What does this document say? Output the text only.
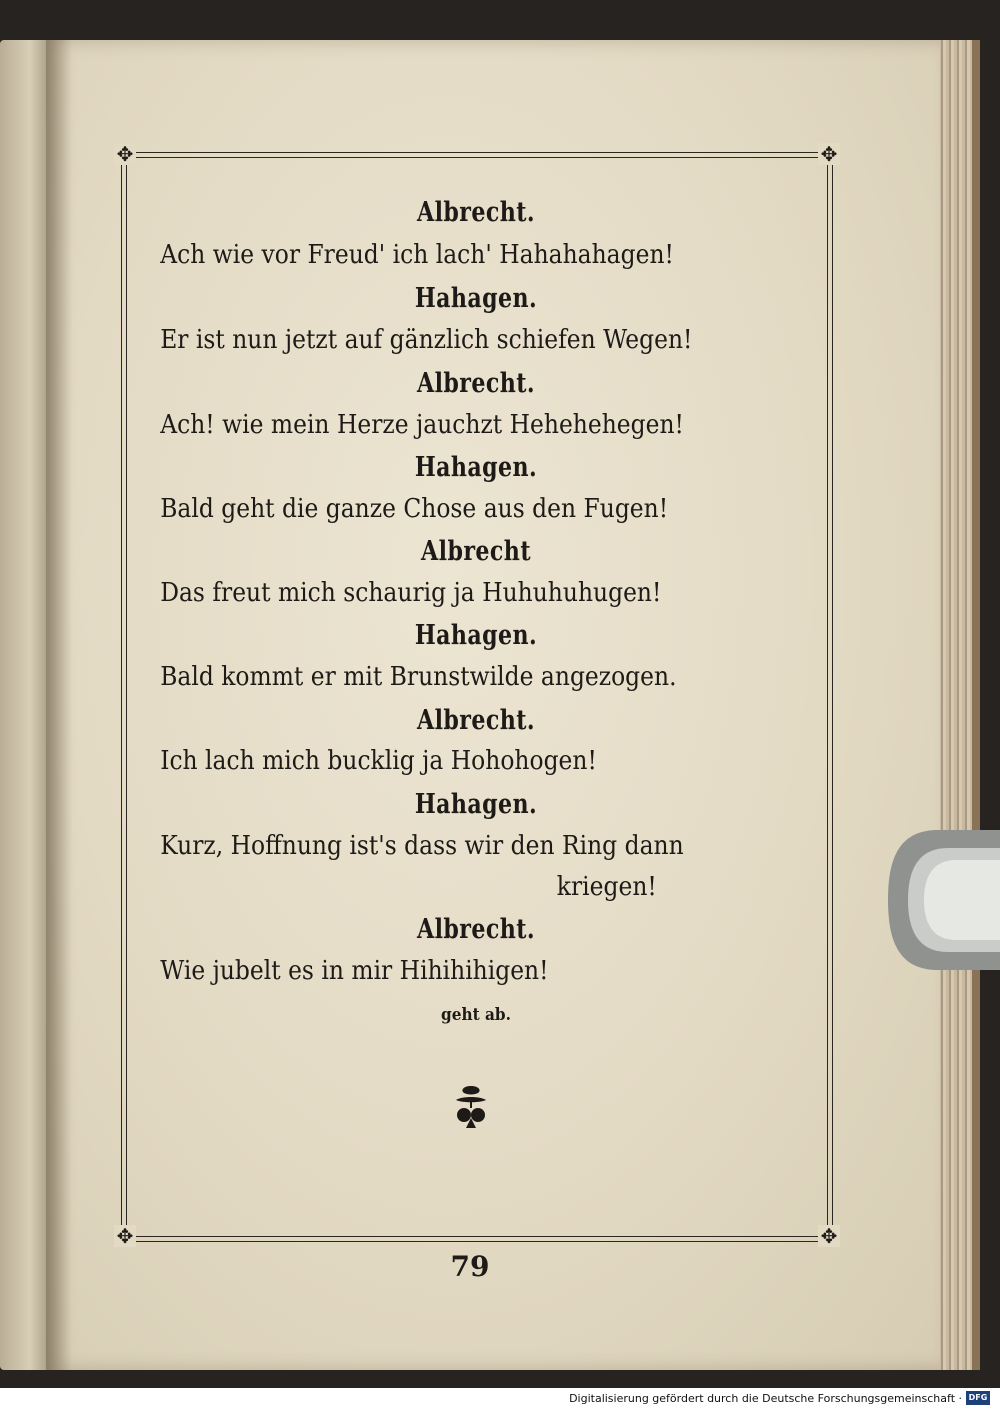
✥	✥
✥	✥
Albrecht.
Ach wie vor Freud' ich lach' Hahahahagen!
Hahagen.
Er ist nun jetzt auf gänzlich schiefen Wegen!
Albrecht.
Ach! wie mein Herze jauchzt Hehehehegen!
Hahagen.
Bald geht die ganze Chose aus den Fugen!
Albrecht
Das freut mich schaurig ja Huhuhuhugen!
Hahagen.
Bald kommt er mit Brunstwilde angezogen.
Albrecht.
Ich lach mich bucklig ja Hohohogen!
Hahagen.
Kurz, Hoffnung ist's dass wir den Ring dann
kriegen!
Albrecht.
Wie jubelt es in mir Hihihihigen!
geht ab.
79
Digitalisierung gefördert durch die Deutsche Forschungsgemeinschaft · DFG
